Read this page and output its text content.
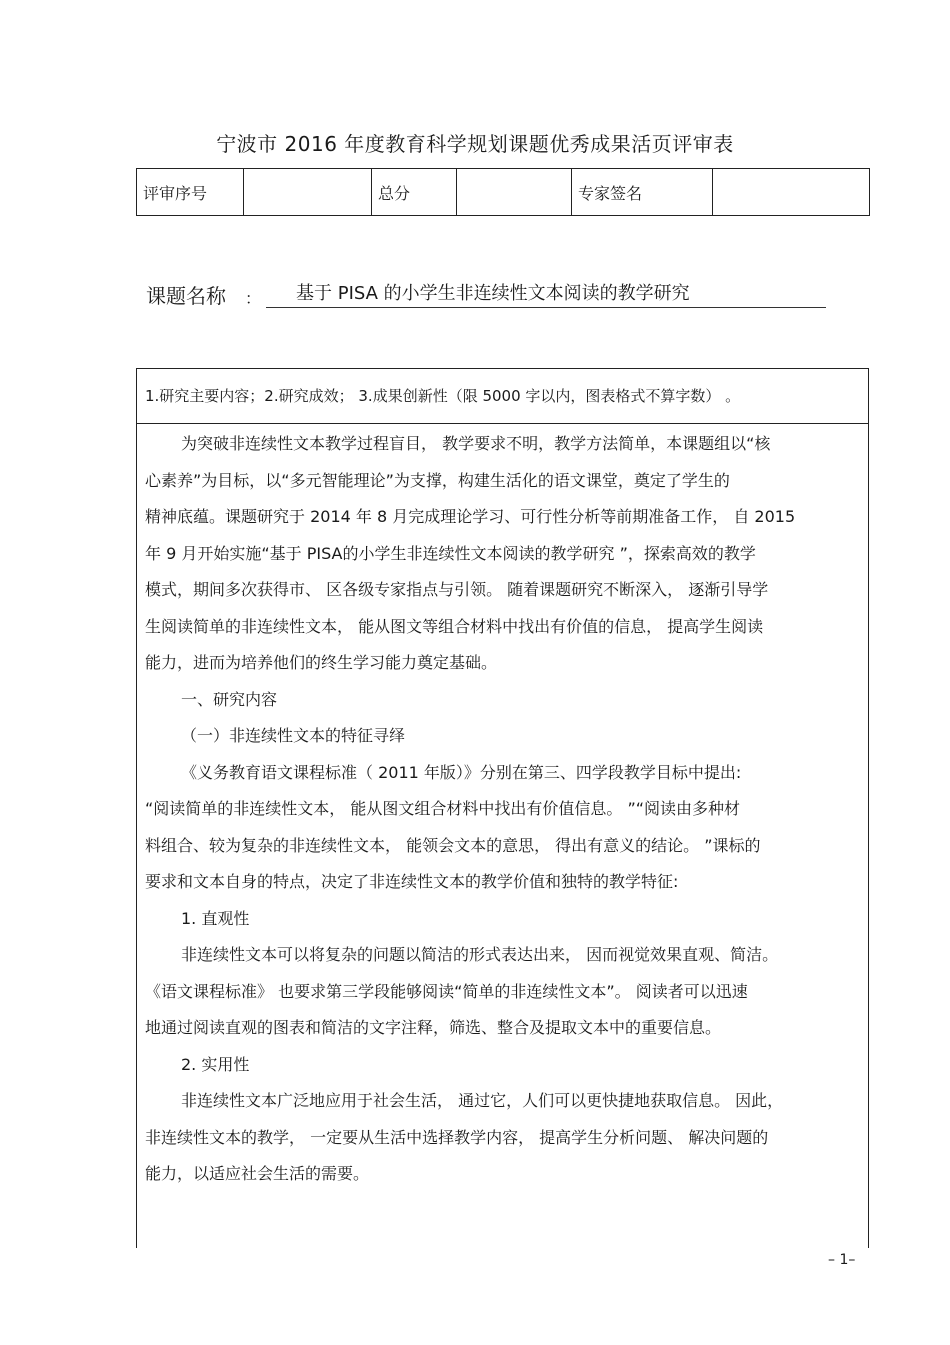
宁波市 2016 年度教育科学规划课题优秀成果活页评审表
评审序号		总分		专家签名	
课题名称 ：	基于 PISA 的小学生非连续性文本阅读的教学研究
1.研究主要内容；2.研究成效； 3.成果创新性（限 5000 字以内，图表格式不算字数） 。
为突破非连续性文本教学过程盲目， 教学要求不明，教学方法简单，本课题组以“核
心素养”为目标，以“多元智能理论”为支撑，构建生活化的语文课堂，奠定了学生的
精神底蕴。课题研究于 2014 年 8 月完成理论学习、可行性分析等前期准备工作， 自 2015
年 9 月开始实施“基于 PISA的小学生非连续性文本阅读的教学研究 ”，探索高效的教学
模式，期间多次获得市、 区各级专家指点与引领。 随着课题研究不断深入， 逐渐引导学
生阅读简单的非连续性文本， 能从图文等组合材料中找出有价值的信息， 提高学生阅读
能力，进而为培养他们的终生学习能力奠定基础。
一、研究内容
（一）非连续性文本的特征寻绎
《义务教育语文课程标准（ 2011 年版）》分别在第三、四学段教学目标中提出:
“阅读简单的非连续性文本， 能从图文组合材料中找出有价值信息。 ”“阅读由多种材
料组合、较为复杂的非连续性文本， 能领会文本的意思， 得出有意义的结论。 ”课标的
要求和文本自身的特点，决定了非连续性文本的教学价值和独特的教学特征:
1. 直观性
非连续性文本可以将复杂的问题以简洁的形式表达出来， 因而视觉效果直观、简洁。
《语文课程标准》 也要求第三学段能够阅读“简单的非连续性文本”。 阅读者可以迅速
地通过阅读直观的图表和简洁的文字注释，筛选、整合及提取文本中的重要信息。
2. 实用性
非连续性文本广泛地应用于社会生活， 通过它，人们可以更快捷地获取信息。 因此，
非连续性文本的教学， 一定要从生活中选择教学内容， 提高学生分析问题、 解决问题的
能力，以适应社会生活的需要。
– 1–
